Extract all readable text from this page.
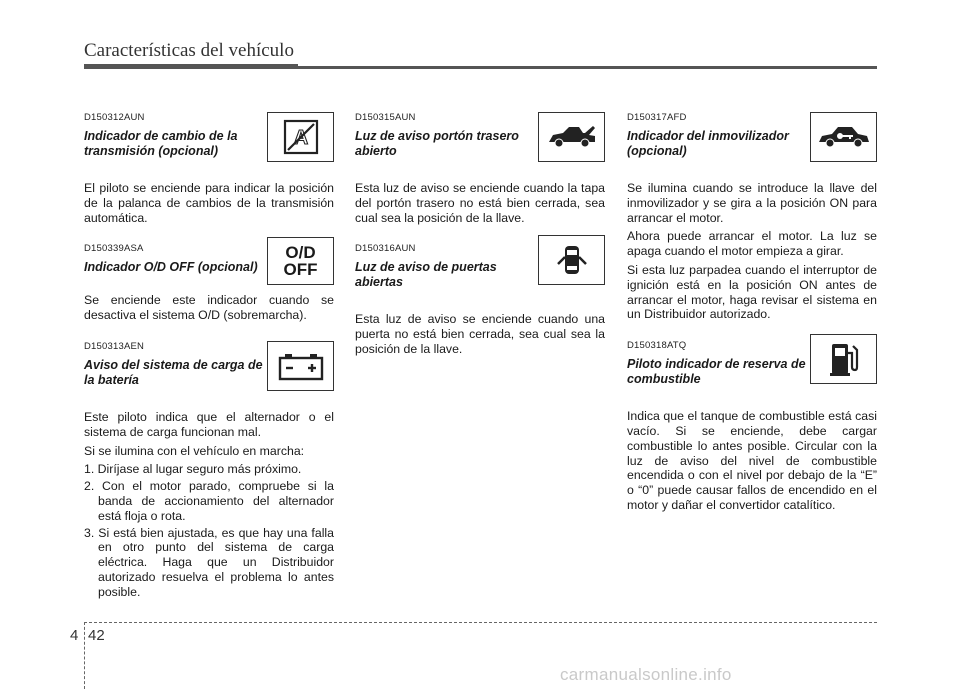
Características del vehículo
D150312AUN
Indicador de cambio de la transmisión (opcional)
A
El piloto se enciende para indicar la posición de la palanca de cambios de la transmisión automática.
D150339ASA
Indicador O/D OFF (opcional)
O/D
OFF
Se enciende este indicador cuando se desactiva el sistema O/D (sobremarcha).
D150313AEN
Aviso del sistema de carga de la batería
Este piloto indica que el alternador o el sistema de carga funcionan mal.
Si se ilumina con el vehículo en marcha:
1. Diríjase al lugar seguro más próximo.
2. Con el motor parado, compruebe si la banda de accionamiento del alternador está floja o rota.
3. Si está bien ajustada, es que hay una falla en otro punto del sistema de carga eléctrica. Haga que un Distribuidor autorizado resuelva el problema lo antes posible.
D150315AUN
Luz de aviso portón trasero abierto
Esta luz de aviso se enciende cuando la tapa del portón trasero no está bien cerrada, sea cual sea la posición de la llave.
D150316AUN
Luz de aviso de puertas abiertas
Esta luz de aviso se enciende cuando una puerta no está bien cerrada, sea cual sea la posición de la llave.
D150317AFD
Indicador del inmovilizador (opcional)
Se ilumina cuando se introduce la llave del inmovilizador y se gira a la posición ON para arrancar el motor.
Ahora puede arrancar el motor. La luz se apaga cuando el motor empieza a girar.
Si esta luz parpadea cuando el interruptor de ignición está en la posición ON antes de arrancar el motor, haga revisar el sistema en un Distribuidor autorizado.
D150318ATQ
Piloto indicador de reserva de combustible
Indica que el tanque de combustible está casi vacío. Si se enciende, debe cargar combustible lo antes posible. Circular con la luz de aviso del nivel de combustible encendida o con el nivel por debajo de la “E” o “0” puede causar fallos de encendido en el motor y dañar el convertidor catalítico.
4 42
carmanualsonline.info
